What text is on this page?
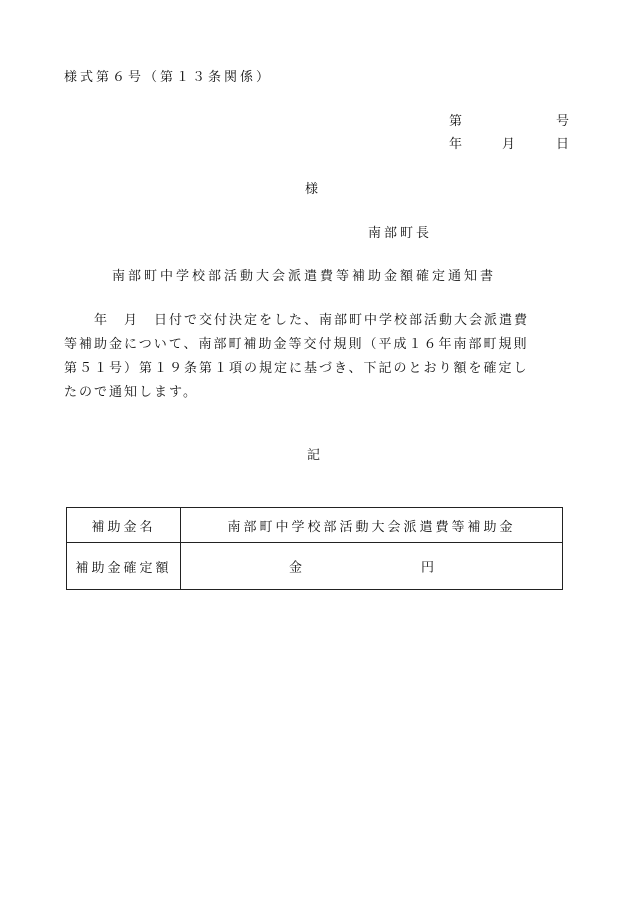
様式第６号（第１３条関係）
第	号
年	月	日
様
南部町長
南部町中学校部活動大会派遣費等補助金額確定通知書
年　月　日付で交付決定をした、南部町中学校部活動大会派遣費
等補助金について、南部町補助金等交付規則（平成１６年南部町規則
第５１号）第１９条第１項の規定に基づき、下記のとおり額を確定し
たので通知します。
記
補助金名	南部町中学校部活動大会派遣費等補助金
補助金確定額	金 円
